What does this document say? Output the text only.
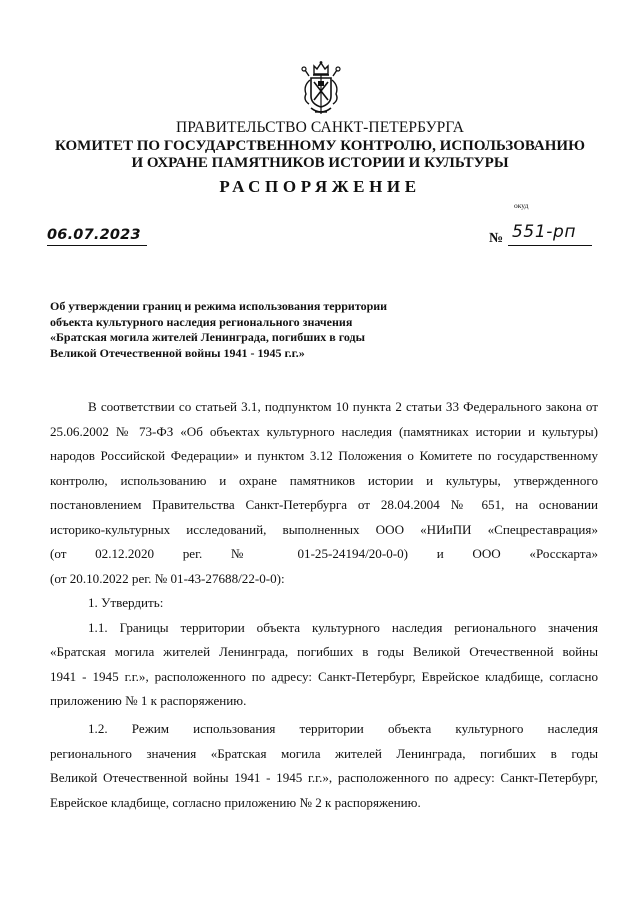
ПРАВИТЕЛЬСТВО САНКТ-ПЕТЕРБУРГА
КОМИТЕТ ПО ГОСУДАРСТВЕННОМУ КОНТРОЛЮ, ИСПОЛЬЗОВАНИЮ
И ОХРАНЕ ПАМЯТНИКОВ ИСТОРИИ И КУЛЬТУРЫ
РАСПОРЯЖЕНИЕ
окуд
06.07.2023	№ 551-рп
Об утверждении границ и режима использования территории
объекта культурного наследия регионального значения
«Братская могила жителей Ленинграда, погибших в годы
Великой Отечественной войны 1941 - 1945 г.г.»
В соответствии со статьей 3.1, подпунктом 10 пункта 2 статьи 33 Федерального закона от
25.06.2002 № 73-ФЗ «Об объектах культурного наследия (памятниках истории и культуры)
народов Российской Федерации» и пунктом 3.12 Положения о Комитете по государственному
контролю, использованию и охране памятников истории и культуры, утвержденного
постановлением Правительства Санкт-Петербурга от 28.04.2004 № 651, на основании
историко-культурных исследований, выполненных ООО «НИиПИ «Спецреставрация»
(от 02.12.2020 рег. № 01-25-24194/20-0-0) и ООО «Росскарта»
(от 20.10.2022 рег. № 01-43-27688/22-0-0):
1. Утвердить:
1.1. Границы территории объекта культурного наследия регионального значения
«Братская могила жителей Ленинграда, погибших в годы Великой Отечественной войны
1941 - 1945 г.г.», расположенного по адресу: Санкт-Петербург, Еврейское кладбище, согласно
приложению № 1 к распоряжению.
1.2. Режим использования территории объекта культурного наследия
регионального значения «Братская могила жителей Ленинграда, погибших в годы
Великой Отечественной войны 1941 - 1945 г.г.», расположенного по адресу: Санкт-Петербург,
Еврейское кладбище, согласно приложению № 2 к распоряжению.
